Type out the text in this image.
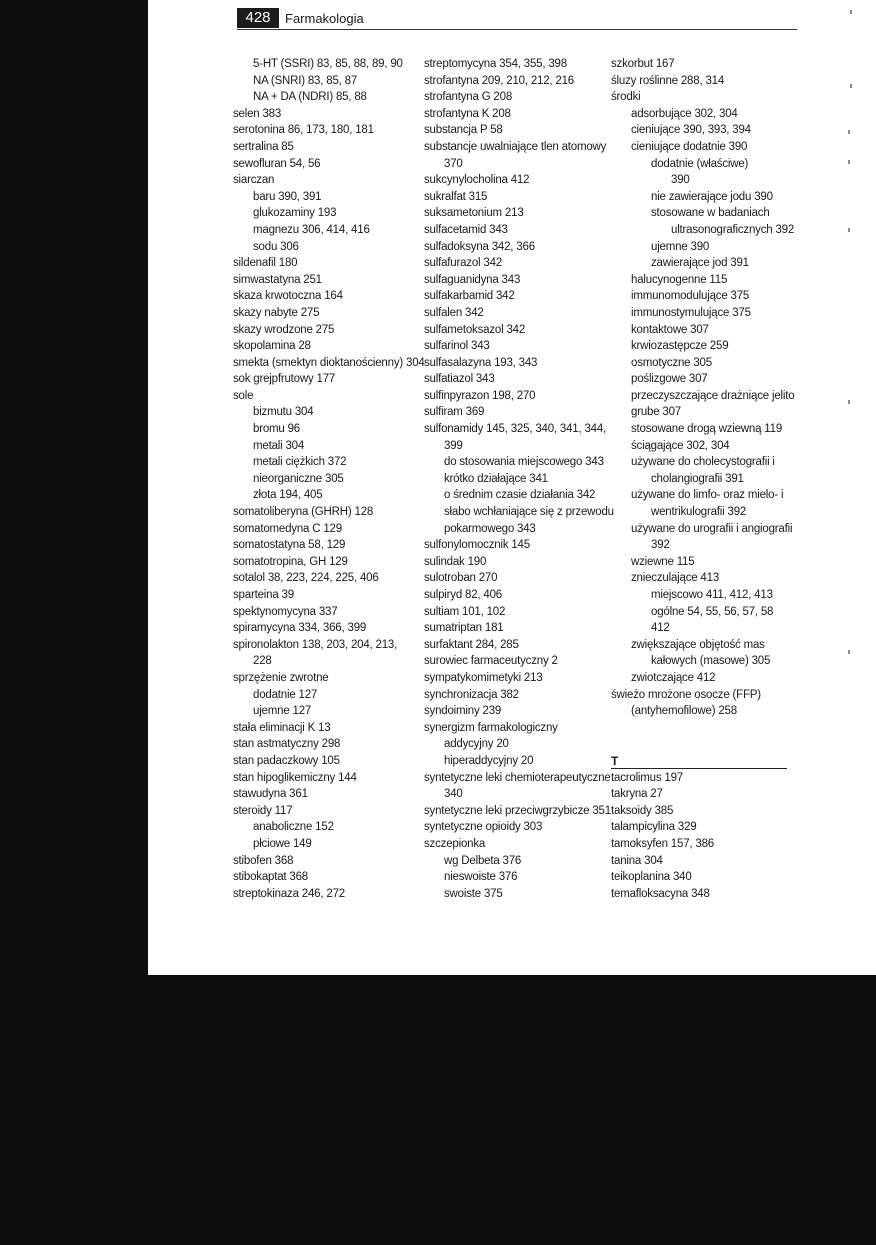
428	Farmakologia
5-HT (SSRI) 83, 85, 88, 89, 90
NA (SNRI) 83, 85, 87
NA + DA (NDRI) 85, 88
selen 383
serotonina 86, 173, 180, 181
sertralina 85
sewofluran 54, 56
siarczan
baru 390, 391
glukozaminy 193
magnezu 306, 414, 416
sodu 306
sildenafil 180
simwastatyna 251
skaza krwotoczna 164
skazy nabyte 275
skazy wrodzone 275
skopolamina 28
smekta (smektyn dioktanościenny) 304
sok grejpfrutowy 177
sole
bizmutu 304
bromu 96
metali 304
metali ciężkich 372
nieorganiczne 305
złota 194, 405
somatoliberyna (GHRH) 128
somatomedyna C 129
somatostatyna 58, 129
somatotropina, GH 129
sotalol 38, 223, 224, 225, 406
sparteina 39
spektynomycyna 337
spiramycyna 334, 366, 399
spironolakton 138, 203, 204, 213,
228
sprzężenie zwrotne
dodatnie 127
ujemne 127
stała eliminacji K 13
stan astmatyczny 298
stan padaczkowy 105
stan hipoglikemiczny 144
stawudyna 361
steroidy 117
anaboliczne 152
płciowe 149
stibofen 368
stibokaptat 368
streptokinaza 246, 272
streptomycyna 354, 355, 398
strofantyna 209, 210, 212, 216
strofantyna G 208
strofantyna K 208
substancja P 58
substancje uwalniające tlen atomowy
370
sukcynylocholina 412
sukralfat 315
suksametonium 213
sulfacetamid 343
sulfadoksyna 342, 366
sulfafurazol 342
sulfaguanidyna 343
sulfakarbamid 342
sulfalen 342
sulfametoksazol 342
sulfarinol 343
sulfasalazyna 193, 343
sulfatiazol 343
sulfinpyrazon 198, 270
sulfiram 369
sulfonamidy 145, 325, 340, 341, 344,
399
do stosowania miejscowego 343
krótko działające 341
o średnim czasie działania 342
słabo wchłaniające się z przewodu
pokarmowego 343
sulfonylomocznik 145
sulindak 190
sulotroban 270
sulpiryd 82, 406
sultiam 101, 102
sumatriptan 181
surfaktant 284, 285
surowiec farmaceutyczny 2
sympatykomimetyki 213
synchronizacja 382
syndoiminy 239
synergizm farmakologiczny
addycyjny 20
hiperaddycyjny 20
syntetyczne leki chemioterapeutyczne
340
syntetyczne leki przeciwgrzybicze 351
syntetyczne opioidy 303
szczepionka
wg Delbeta 376
nieswoiste 376
swoiste 375
szkorbut 167
śluzy roślinne 288, 314
środki
adsorbujące 302, 304
cieniujące 390, 393, 394
cieniujące dodatnie 390
dodatnie (właściwe)
390
nie zawierające jodu 390
stosowane w badaniach
ultrasonograficznych 392
ujemne 390
zawierające jod 391
halucynogenne 115
immunomodulujące 375
immunostymulujące 375
kontaktowe 307
krwiozastępcze 259
osmotyczne 305
poślizgowe 307
przeczyszczające drażniące jelito
grube 307
stosowane drogą wziewną 119
ściągające 302, 304
używane do cholecystografii i
cholangiografii 391
używane do limfo- oraz mielo- i
wentrikulografii 392
używane do urografii i angiografii
392
wziewne 115
znieczulające 413
miejscowo 411, 412, 413
ogólne 54, 55, 56, 57, 58
412
zwiększające objętość mas
kałowych (masowe) 305
zwiotczające 412
świeżo mrożone osocze (FFP)
(antyhemofilowe) 258
T
tacrolimus 197
takryna 27
taksoidy 385
talampicylina 329
tamoksyfen 157, 386
tanina 304
teikoplanina 340
temafloksacyna 348
